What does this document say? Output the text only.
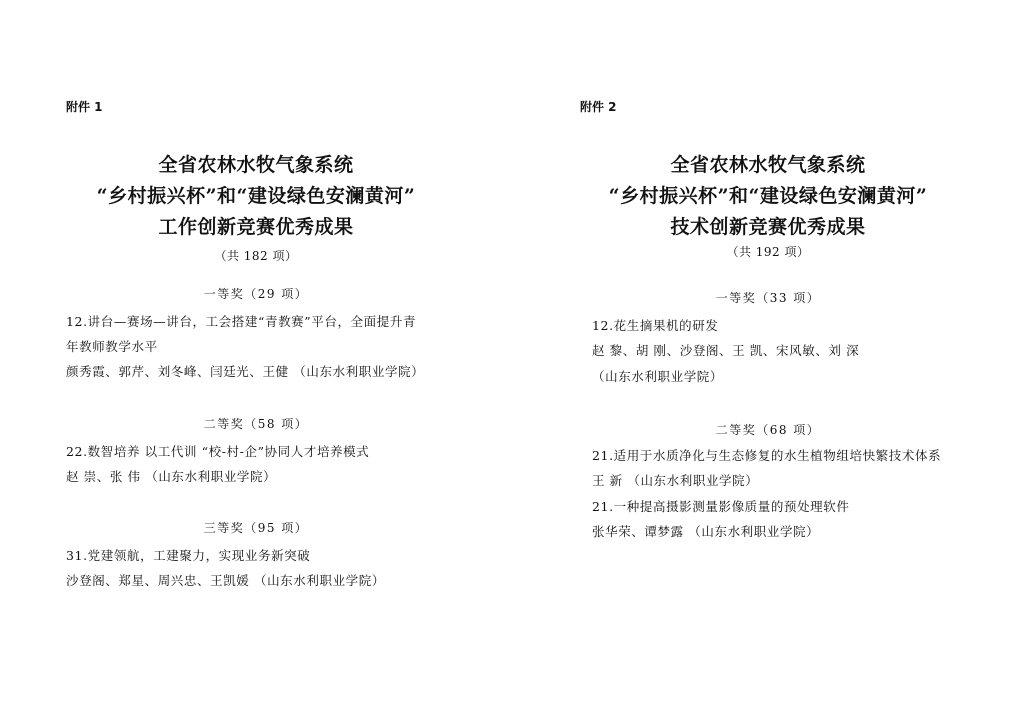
附件 1
全省农林水牧气象系统
“乡村振兴杯”和“建设绿色安澜黄河”
工作创新竞赛优秀成果
（共 182 项）
一等奖（29 项）
12.讲台—赛场—讲台，工会搭建“青教赛”平台，全面提升青
年教师教学水平
颜秀霞、郭芹、刘冬峰、闫廷光、王健 （山东水利职业学院）
二等奖（58 项）
22.数智培养 以工代训 “校-村-企”协同人才培养模式
赵 崇、张 伟 （山东水利职业学院）
三等奖（95 项）
31.党建领航，工建聚力，实现业务新突破
沙登阁、郑星、周兴忠、王凯媛 （山东水利职业学院）
附件 2
全省农林水牧气象系统
“乡村振兴杯”和“建设绿色安澜黄河”
技术创新竞赛优秀成果
（共 192 项）
一等奖（33 项）
12.花生摘果机的研发
赵 黎、胡 刚、沙登阁、王 凯、宋风敏、刘 深
（山东水利职业学院）
二等奖（68 项）
21.适用于水质净化与生态修复的水生植物组培快繁技术体系
王 新 （山东水利职业学院）
21.一种提高摄影测量影像质量的预处理软件
张华荣、谭梦露 （山东水利职业学院）
